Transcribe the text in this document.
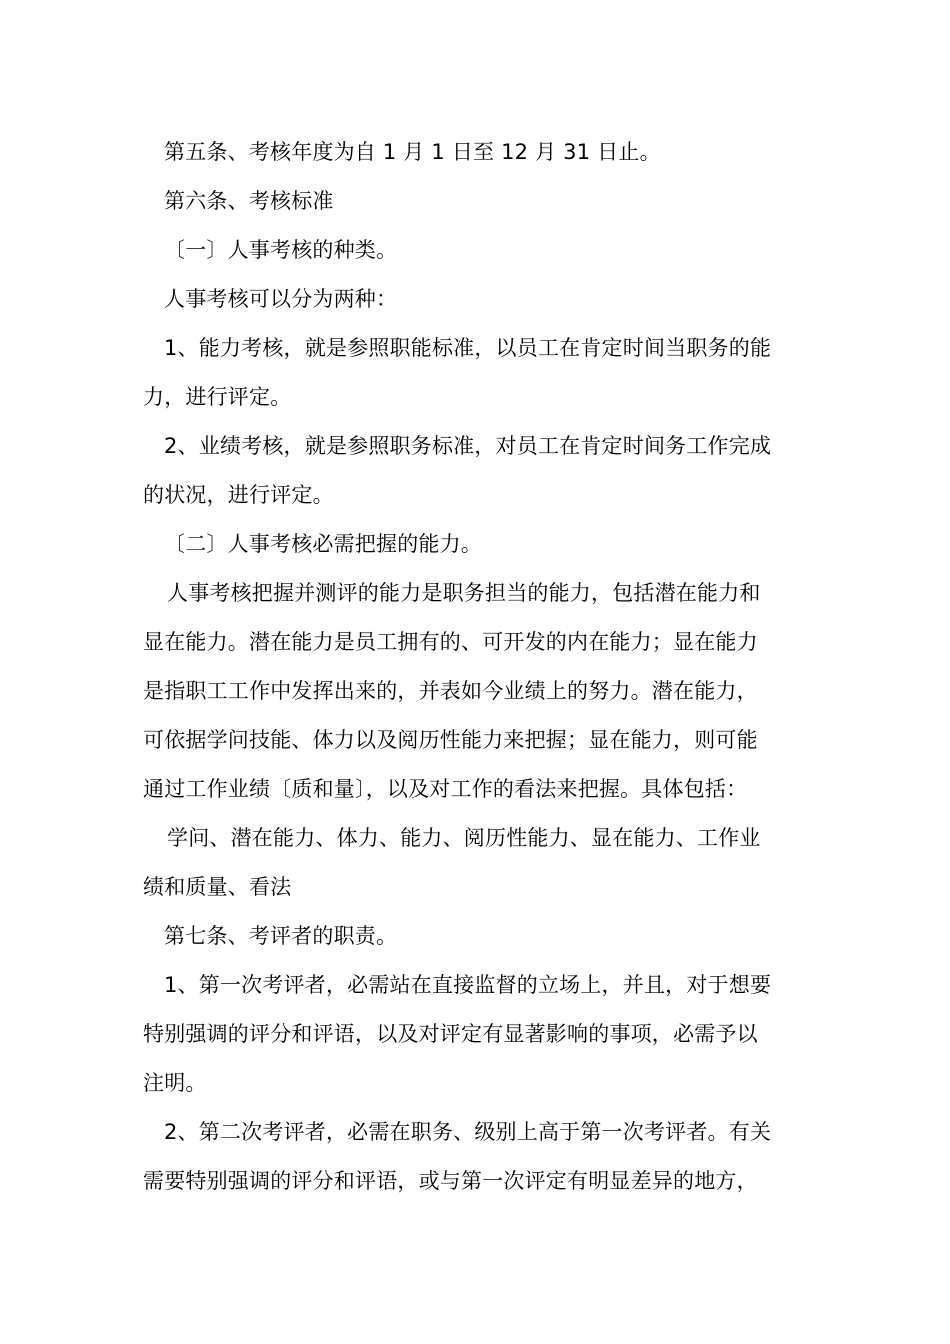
第五条、考核年度为自 1 月 1 日至 12 月 31 日止。
第六条、考核标准
〔一〕人事考核的种类。
人事考核可以分为两种：
1、能力考核，就是参照职能标准，以员工在肯定时间当职务的能
力，进行评定。
2、业绩考核，就是参照职务标准，对员工在肯定时间务工作完成
的状况，进行评定。
〔二〕人事考核必需把握的能力。
人事考核把握并测评的能力是职务担当的能力，包括潜在能力和
显在能力。潜在能力是员工拥有的、可开发的内在能力；显在能力
是指职工工作中发挥出来的，并表如今业绩上的努力。潜在能力，
可依据学问技能、体力以及阅历性能力来把握；显在能力，则可能
通过工作业绩〔质和量〕，以及对工作的看法来把握。具体包括：
学问、潜在能力、体力、能力、阅历性能力、显在能力、工作业
绩和质量、看法
第七条、考评者的职责。
1、第一次考评者，必需站在直接监督的立场上，并且，对于想要
特别强调的评分和评语，以及对评定有显著影响的事项，必需予以
注明。
2、第二次考评者，必需在职务、级别上高于第一次考评者。有关
需要特别强调的评分和评语，或与第一次评定有明显差异的地方，
